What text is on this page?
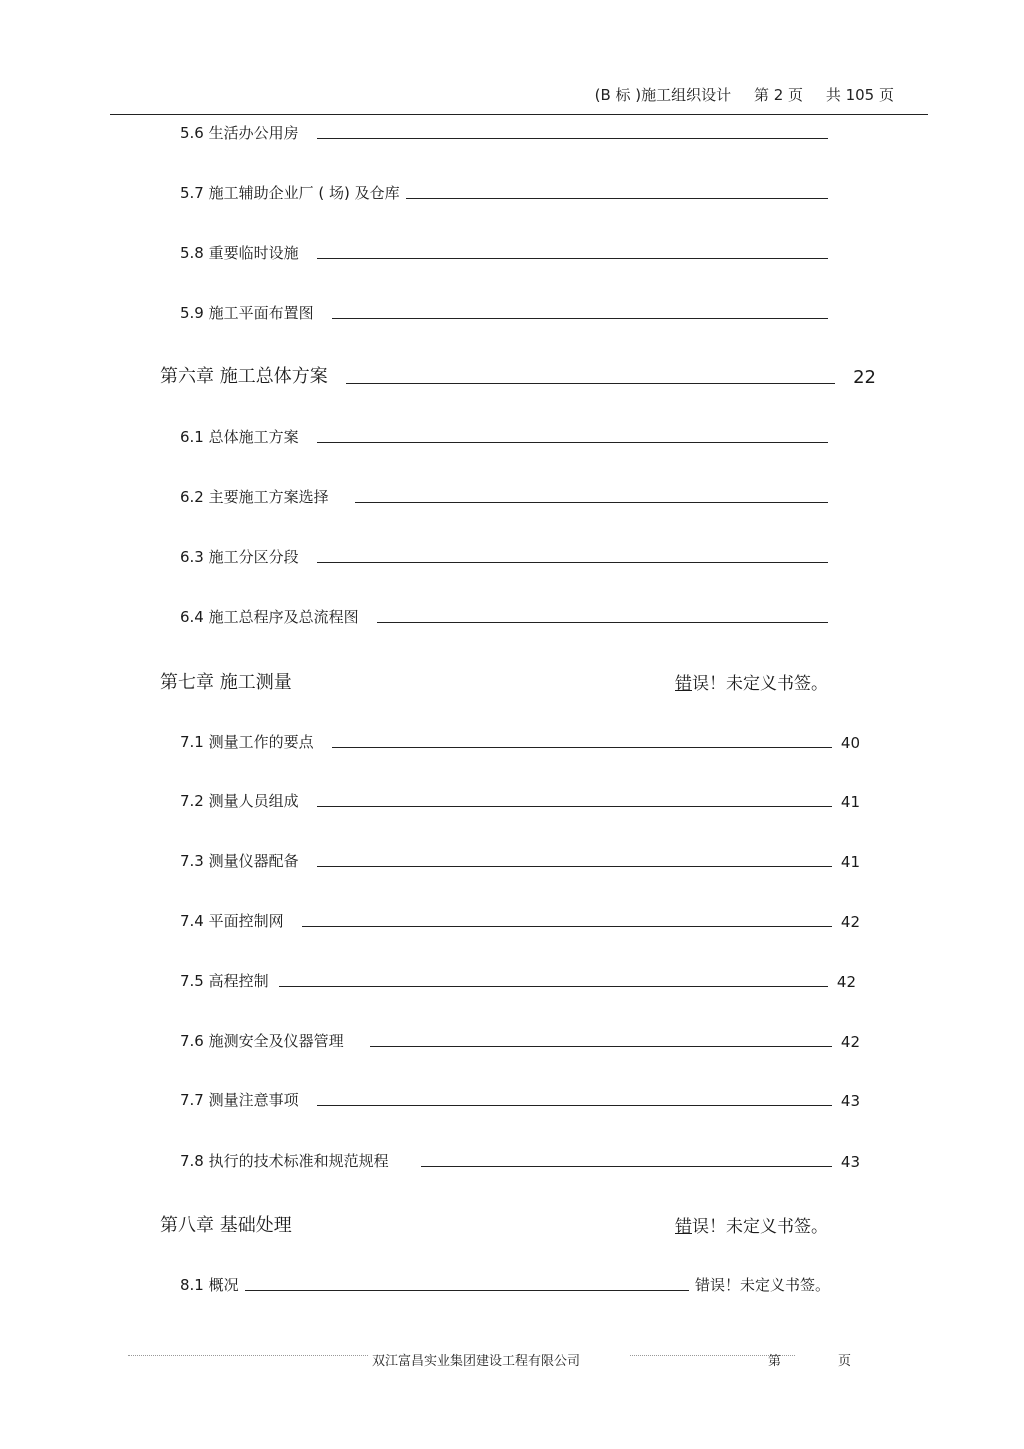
(B 标 )施工组织设计 第 2 页 共 105 页
5.6 生活办公用房
5.7 施工辅助企业厂 ( 场) 及仓库
5.8 重要临时设施
5.9 施工平面布置图
第六章 施工总体方案	22
6.1 总体施工方案
6.2 主要施工方案选择
6.3 施工分区分段
6.4 施工总程序及总流程图
第七章 施工测量	错误！未定义书签。
7.1 测量工作的要点	40
7.2 测量人员组成	41
7.3 测量仪器配备	41
7.4 平面控制网	42
7.5 高程控制	42
7.6 施测安全及仪器管理	42
7.7 测量注意事项	43
7.8 执行的技术标准和规范规程	43
第八章 基础处理	错误！未定义书签。
8.1 概况	错误！未定义书签。
双江富昌实业集团建设工程有限公司	第	页
